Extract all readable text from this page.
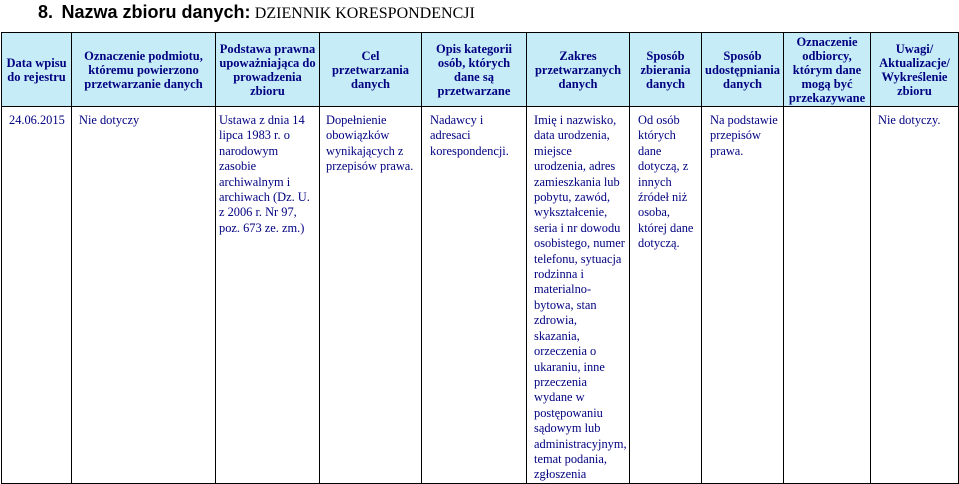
8. Nazwa zbioru danych: DZIENNIK KORESPONDENCJI
Data wpisu do rejestru	Oznaczenie podmiotu, któremu powierzono przetwarzanie danych	Podstawa prawna upoważniająca do prowadzenia zbioru	Cel przetwarzania danych	Opis kategorii osób, których dane są przetwarzane	Zakres przetwarzanych danych	Sposób zbierania danych	Sposób udostępniania danych	Oznaczenie odbiorcy, którym dane mogą być przekazywane	Uwagi/ Aktualizacje/ Wykreślenie zbioru

24.06.2015	Nie dotyczy	Ustawa z dnia 14 lipca 1983 r. o narodowym zasobie archiwalnym i archiwach (Dz. U. z 2006 r. Nr 97, poz. 673 ze. zm.)	Dopełnienie obowiązków wynikających z przepisów prawa.	Nadawcy i adresaci korespondencji.	Imię i nazwisko, data urodzenia, miejsce urodzenia, adres zamieszkania lub pobytu, zawód, wykształcenie, seria i nr dowodu osobistego, numer telefonu, sytuacja rodzinna i materialno-bytowa, stan zdrowia, skazania, orzeczenia o ukaraniu, inne przeczenia wydane w postępowaniu sądowym lub administracyjnym, temat podania, zgłoszenia	Od osób których dane dotyczą, z innych źródeł niż osoba, której dane dotyczą.	Na podstawie przepisów prawa.		Nie dotyczy.
